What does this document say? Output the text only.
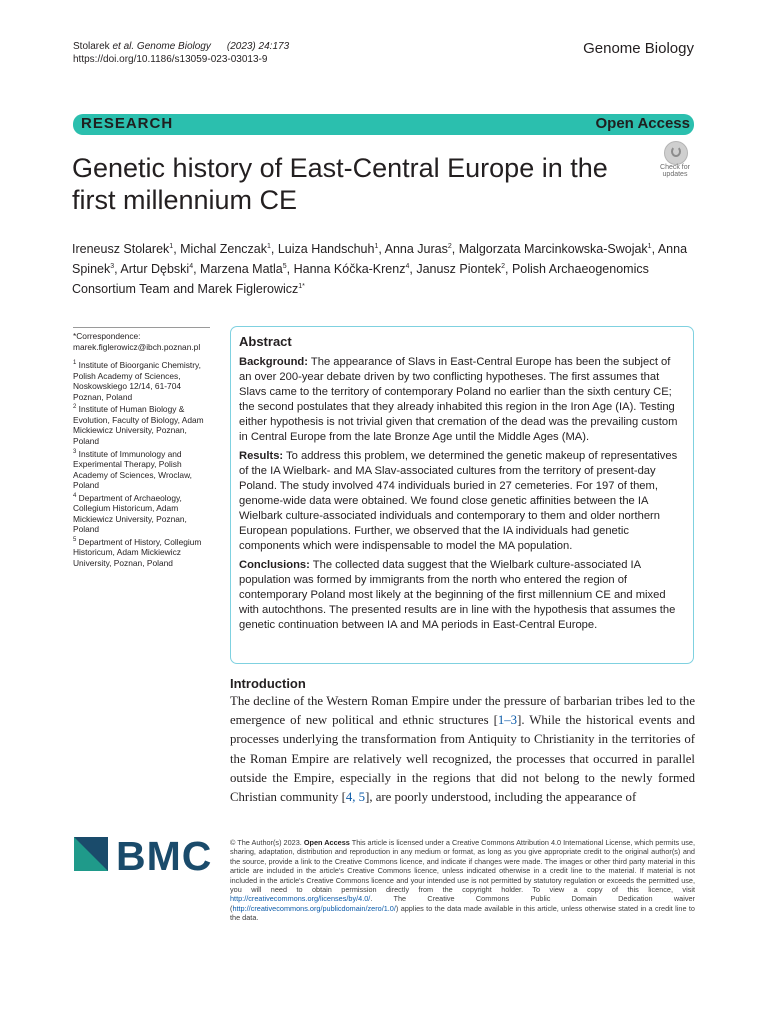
Stolarek et al. Genome Biology (2023) 24:173
https://doi.org/10.1186/s13059-023-03013-9
Genome Biology
RESEARCH	Open Access
Genetic history of East-Central Europe in the first millennium CE
Check for
updates
Ireneusz Stolarek$^1$, Michal Zenczak$^1$, Luiza Handschuh$^1$, Anna Juras$^2$, Malgorzata Marcinkowska-Swojak$^1$, Anna Spinek$^3$, Artur Dębski$^4$, Marzena Matla$^5$, Hanna Kóčka-Krenz$^4$, Janusz Piontek$^2$, Polish Archaeogenomics Consortium Team and Marek Figlerowicz$^{1*}$
*Correspondence: marek.figlerowicz@ibch.poznan.pl
$^1$ Institute of Bioorganic Chemistry, Polish Academy of Sciences, Noskowskiego 12/14, 61-704 Poznan, Poland
$^2$ Institute of Human Biology & Evolution, Faculty of Biology, Adam Mickiewicz University, Poznan, Poland
$^3$ Institute of Immunology and Experimental Therapy, Polish Academy of Sciences, Wroclaw, Poland
$^4$ Department of Archaeology, Collegium Historicum, Adam Mickiewicz University, Poznan, Poland
$^5$ Department of History, Collegium Historicum, Adam Mickiewicz University, Poznan, Poland
Abstract

Background: The appearance of Slavs in East-Central Europe has been the subject of an over 200-year debate driven by two conflicting hypotheses. The first assumes that Slavs came to the territory of contemporary Poland no earlier than the sixth century CE; the second postulates that they already inhabited this region in the Iron Age (IA). Testing either hypothesis is not trivial given that cremation of the dead was the prevailing custom in Central Europe from the late Bronze Age until the Middle Ages (MA).

Results: To address this problem, we determined the genetic makeup of representatives of the IA Wielbark- and MA Slav-associated cultures from the territory of present-day Poland. The study involved 474 individuals buried in 27 cemeteries. For 197 of them, genome-wide data were obtained. We found close genetic affinities between the IA Wielbark culture-associated individuals and contemporary to them and older northern European populations. Further, we observed that the IA individuals had genetic components which were indispensable to model the MA population.

Conclusions: The collected data suggest that the Wielbark culture-associated IA population was formed by immigrants from the north who entered the region of contemporary Poland most likely at the beginning of the first millennium CE and mixed with autochthons. The presented results are in line with the hypothesis that assumes the genetic continuation between IA and MA periods in East-Central Europe.

Introduction
The decline of the Western Roman Empire under the pressure of barbarian tribes led to the emergence of new political and ethnic structures [1–3]. While the historical events and processes underlying the transformation from Antiquity to Christianity in the territories of the Roman Empire are relatively well recognized, the processes that occurred in parallel outside the Empire, especially in the regions that did not belong to the newly formed Christian community [4, 5], are poorly understood, including the appearance of
BMC © The Author(s) 2023. Open Access This article is licensed under a Creative Commons Attribution 4.0 International License, which permits use, sharing, adaptation, distribution and reproduction in any medium or format, as long as you give appropriate credit to the original author(s) and the source, provide a link to the Creative Commons licence, and indicate if changes were made. The images or other third party material in this article are included in the article's Creative Commons licence, unless indicated otherwise in a credit line to the material. If material is not included in the article's Creative Commons licence and your intended use is not permitted by statutory regulation or exceeds the permitted use, you will need to obtain permission directly from the copyright holder. To view a copy of this licence, visit http://creativecommons.org/licenses/by/4.0/. The Creative Commons Public Domain Dedication waiver (http://creativecommons.org/publicdomain/zero/1.0/) applies to the data made available in this article, unless otherwise stated in a credit line to the data.
